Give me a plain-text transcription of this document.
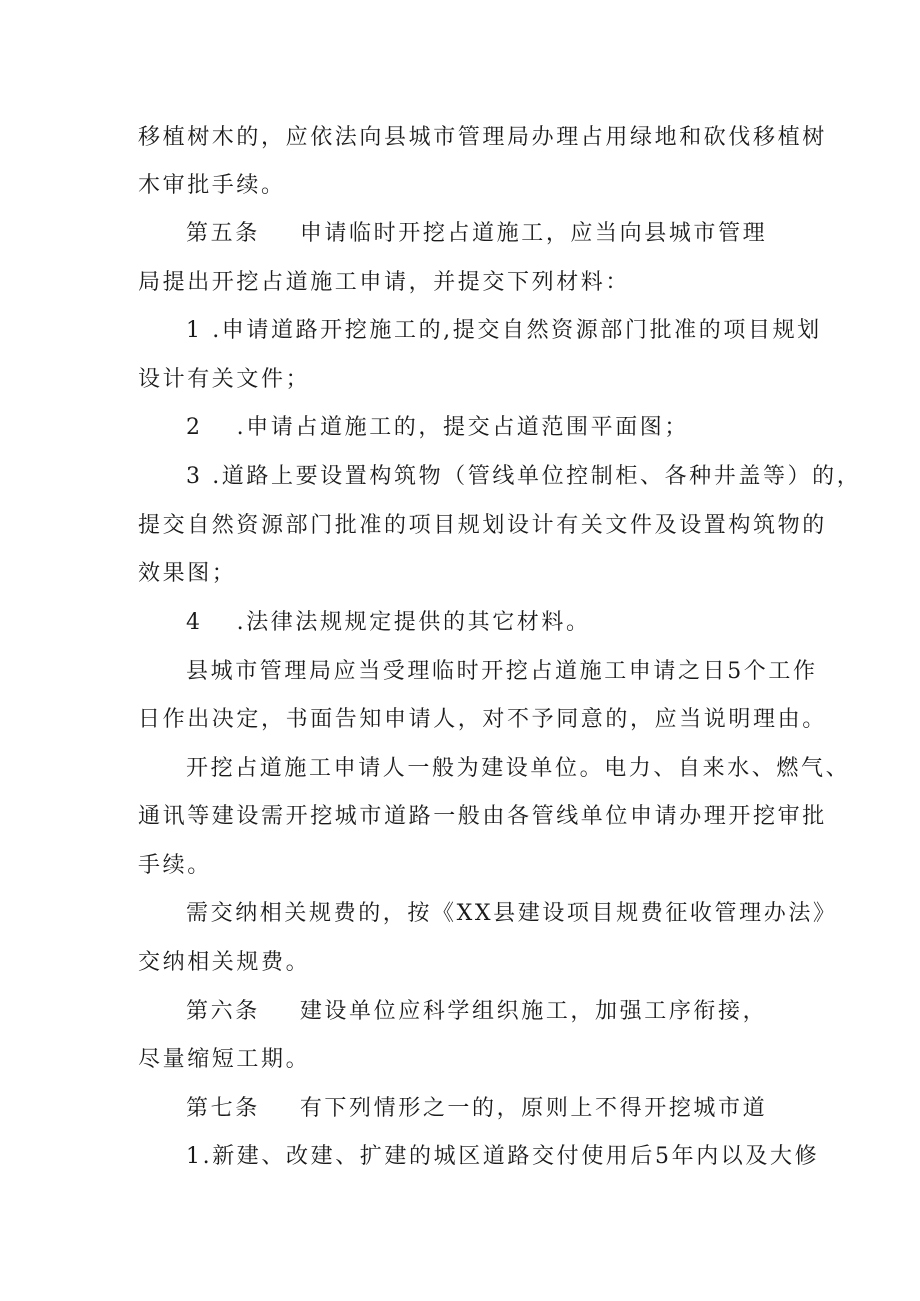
移植树木的，应依法向县城市管理局办理占用绿地和砍伐移植树
木审批手续。
第五条 申请临时开挖占道施工，应当向县城市管理
局提出开挖占道施工申请，并提交下列材料：
1 .申请道路开挖施工的,提交自然资源部门批准的项目规划
设计有关文件；
2 .申请占道施工的，提交占道范围平面图；
3 .道路上要设置构筑物（管线单位控制柜、各种井盖等）的，
提交自然资源部门批准的项目规划设计有关文件及设置构筑物的
效果图；
4 .法律法规规定提供的其它材料。
县城市管理局应当受理临时开挖占道施工申请之日5个工作
日作出决定，书面告知申请人，对不予同意的，应当说明理由。
开挖占道施工申请人一般为建设单位。电力、自来水、燃气、
通讯等建设需开挖城市道路一般由各管线单位申请办理开挖审批
手续。
需交纳相关规费的，按《XX县建设项目规费征收管理办法》
交纳相关规费。
第六条 建设单位应科学组织施工，加强工序衔接，
尽量缩短工期。
第七条 有下列情形之一的，原则上不得开挖城市道
1.新建、改建、扩建的城区道路交付使用后5年内以及大修
